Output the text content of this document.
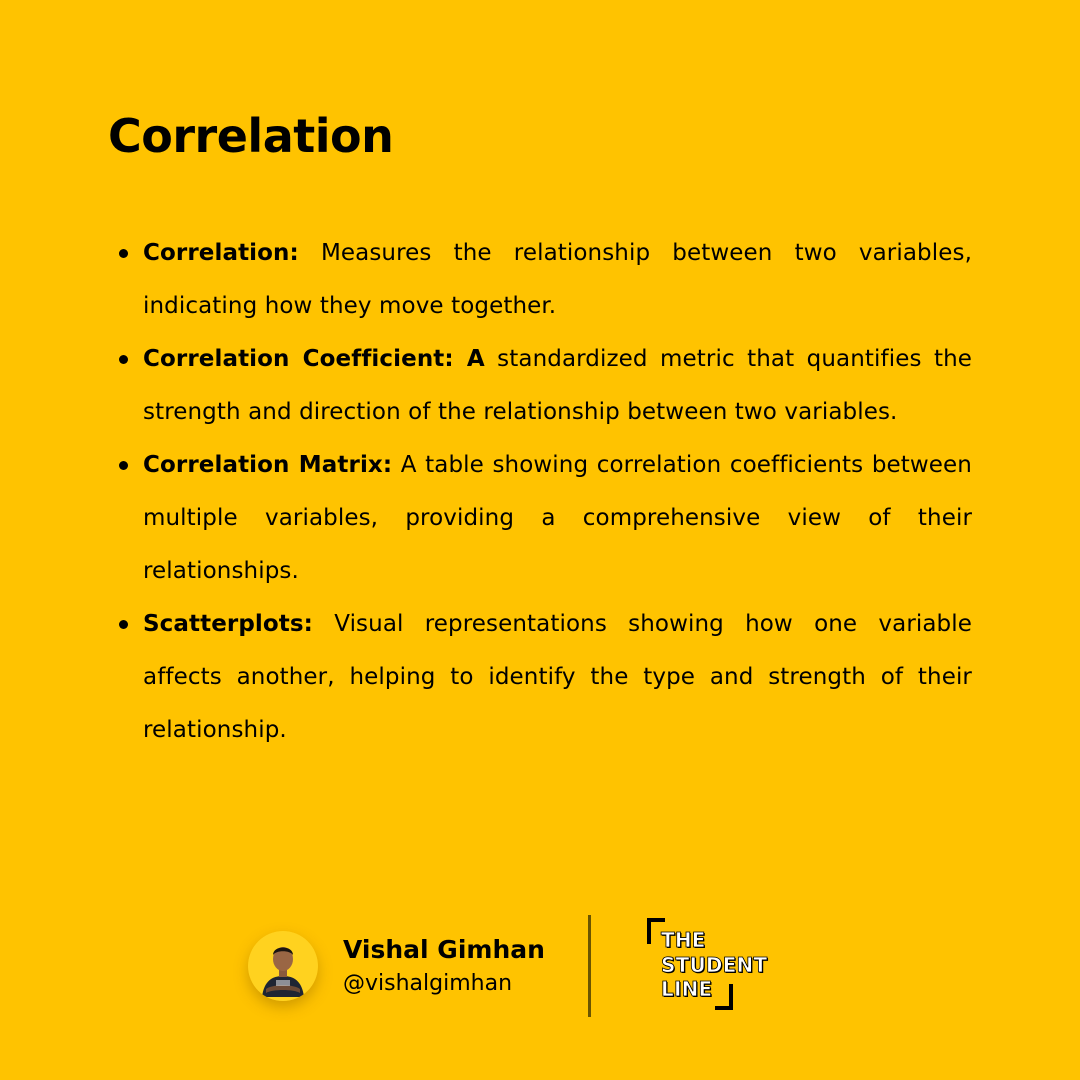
Correlation
Correlation: Measures the relationship between two variables, indicating how they move together.
Correlation Coefficient: A standardized metric that quantifies the strength and direction of the relationship between two variables.
Correlation Matrix: A table showing correlation coefficients between multiple variables, providing a comprehensive view of their relationships.
Scatterplots: Visual representations showing how one variable affects another, helping to identify the type and strength of their relationship.
Vishal Gimhan
@vishalgimhan
THE
STUDENT
LINE
